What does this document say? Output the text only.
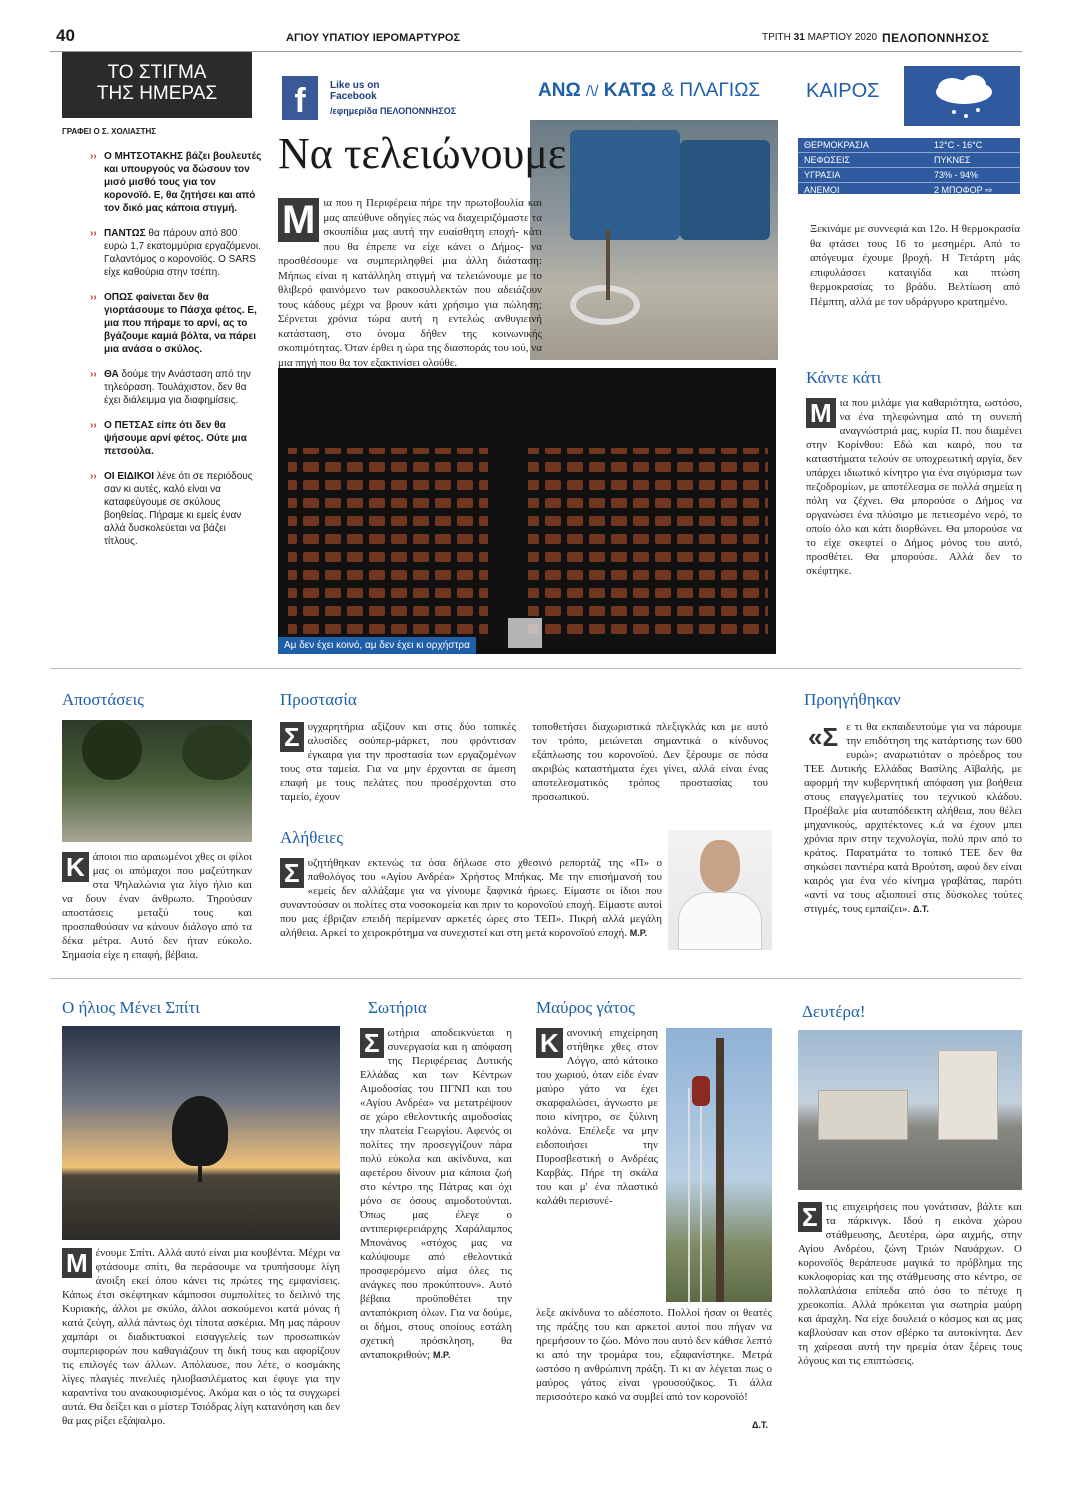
40	ΑΓΙΟΥ ΥΠΑΤΙΟΥ ΙΕΡΟΜΑΡΤΥΡΟΣ	ΤΡΙΤΗ 31 ΜΑΡΤΙΟΥ 2020 ΠΕΛΟΠΟΝΝΗΣΟΣ
ΤΟ ΣΤΙΓΜΑ
ΤΗΣ ΗΜΕΡΑΣ
ΓΡΑΦΕΙ Ο Σ. ΧΟΛΙΑΣΤΗΣ

›› Ο ΜΗΤΣΟΤΑΚΗΣ βάζει βουλευτές και υπουργούς να δώσουν τον μισό μισθό τους για τον κορονοϊό. Ε, θα ζητήσει και από τον δικό μας κάποια στιγμή.

›› ΠΑΝΤΩΣ θα πάρουν από 800 ευρώ 1,7 εκατομμύρια εργαζόμενοι. Γαλαντόμος ο κορονοϊός. Ο SARS είχε καθούρια στην τσέπη.

›› ΟΠΩΣ φαίνεται δεν θα γιορτάσουμε το Πάσχα φέτος. Ε, μια που πήραμε το αρνί, ας το βγάζουμε καμιά βόλτα, να πάρει μια ανάσα ο σκύλος.

›› ΘΑ δούμε την Ανάσταση από την τηλεόραση. Τουλάχιστον, δεν θα έχει διάλειμμα για διαφημίσεις.

›› Ο ΠΕΤΣΑΣ είπε ότι δεν θα ψήσουμε αρνί φέτος. Ούτε μια πετσούλα.

›› ΟΙ ΕΙΔΙΚΟΙ λένε ότι σε περιόδους σαν κι αυτές, καλό είναι να καταφεύγουμε σε σκύλους βοηθείας. Πήραμε κι εμείς έναν αλλά δυσκολεύεται να βάζει τίτλους.

f	Like us on
Facebook
/εφημερίδα ΠΕΛΟΠΟΝΝΗΣΟΣ
ΑΝΩ /\/ ΚΑΤΩ & ΠΛΑΓΙΩΣ
Να τελειώνουμε
Μ ια που η Περιφέρεια πήρε την πρωτοβουλία και μας απεύθυνε οδηγίες πώς να διαχειριζόμαστε τα σκουπίδια μας αυτή την ευαίσθητη εποχή- κάτι που θα έπρεπε να είχε κάνει ο Δήμος- να προσθέσουμε να συμπεριληφθεί μια άλλη διάσταση: Μήπως είναι η κατάλληλη στιγμή να τελειώνουμε με το θλιβερό φαινόμενο των ρακοσυλλεκτών που αδειάζουν τους κάδους μέχρι να βρουν κάτι χρήσιμο για πώληση; Σέρνεται χρόνια τώρα αυτή η εντελώς ανθυγιεινή κατάσταση, στο όνομα δήθεν της κοινωνικής σκοπιμότητας. Όταν έρθει η ώρα της διασποράς του ιού, να μια πηγή που θα τον εξακτινίσει ολούθε.
Αμ δεν έχει κοινό, αμ δεν έχει κι ορχήστρα
ΚΑΙΡΟΣ
ΘΕΡΜΟΚΡΑΣΙΑ	12°C - 16°C
ΝΕΦΩΣΕΙΣ	ΠΥΚΝΕΣ
ΥΓΡΑΣΙΑ	73% - 94%
ΑΝΕΜΟΙ	2 ΜΠΟΦΟΡ ⇨
Ξεκινάμε με συννεφιά και 12ο. Η θερμοκρασία θα φτάσει τους 16 το μεσημέρι. Από το απόγευμα έχουμε βροχή. Η Τετάρτη μάς επιφυλάσσει καταιγίδα και πτώση θερμοκρασίας το βράδυ. Βελτίωση από Πέμπτη, αλλά με τον υδράργυρο κρατημένο.
Κάντε κάτι
Μ ια που μιλάμε για καθαριότητα, ωστόσο, να ένα τηλεφώνημα από τη συνεπή αναγνώστριά μας, κυρία Π. που διαμένει στην Κορίνθου: Εδώ και καιρό, που τα καταστήματα τελούν σε υποχρεωτική αργία, δεν υπάρχει ιδιωτικό κίνητρο για ένα σιγύρισμα των πεζοδρομίων, με αποτέλεσμα σε πολλά σημεία η πόλη να ζέχνει. Θα μπορούσε ο Δήμος να οργανώσει ένα πλύσιμο με πετιεσμένο νερό, το οποίο όλο και κάτι διορθώνει. Θα μπορούσε να το είχε σκεφτεί ο Δήμος μόνος του αυτό, προσθέτει. Θα μπορούσε. Αλλά δεν το σκέφτηκε.
Αποστάσεις
Κ άποιοι πιο αραιωμένοι χθες οι φίλοι μας οι απόμαχοι που μαζεύτηκαν στα Ψηλαλώνια για λίγο ήλιο και να δουν έναν άνθρωπο. Τηρούσαν αποστάσεις μεταξύ τους και προσπαθούσαν να κάνουν διάλογο από τα δέκα μέτρα. Αυτό δεν ήταν εύκολο. Σημασία είχε η επαφή, βέβαια.
Προστασία
Σ υγχαρητήρια αξίζουν και στις δύο τοπικές αλυσίδες σούπερ-μάρκετ, που φρόντισαν έγκαιρα για την προστασία των εργαζομένων τους στα ταμεία. Για να μην έρχονται σε άμεση επαφή με τους πελάτες που προσέρχονται στο ταμείο, έχουν
τοποθετήσει διαχωριστικά πλεξιγκλάς και με αυτό τον τρόπο, μειώνεται σημαντικά ο κίνδυνος εξάπλωσης του κορονοϊού. Δεν ξέρουμε σε πόσα ακριβώς καταστήματα έχει γίνει, αλλά είναι ένας αποτελεσματικός τρόπος προστασίας του προσωπικού.
Αλήθειες
Σ υζητήθηκαν εκτενώς τα όσα δήλωσε στο χθεσινό ρεπορτάζ της «Π» ο παθολόγος του «Αγίου Ανδρέα» Χρήστος Μπήκας. Με την επισήμανσή του «εμείς δεν αλλάξαμε για να γίνουμε ξαφνικά ήρωες. Είμαστε οι ίδιοι που συναντούσαν οι πολίτες στα νοσοκομεία και πριν το κορονοϊού εποχή. Είμαστε αυτοί που μας έβριζαν επειδή περίμεναν αρκετές ώρες στο ΤΕΠ». Πικρή αλλά μεγάλη αλήθεια. Αρκεί το χειροκρότημα να συνεχιστεί και στη μετά κορονοϊού εποχή. Μ.Ρ.
Προηγήθηκαν
«Σ ε τι θα εκπαιδευτούμε για να πάρουμε την επιδότηση της κατάρτισης των 600 ευρώ»; αναρωτιόταν ο πρόεδρος του ΤΕΕ Δυτικής Ελλάδας Βασίλης Αϊβαλής, με αφορμή την κυβερνητική απόφαση για βοήθεια στους επαγγελματίες του τεχνικού κλάδου. Προέβαλε μία αυταπόδεικτη αλήθεια, που θέλει μηχανικούς, αρχιτέκτονες κ.ά να έχουν μπει χρόνια πριν στην τεχνολογία, πολύ πριν από το κράτος. Παρατμάτα το τοπικό ΤΕΕ δεν θα σηκώσει παντιέρα κατά Βρούτση, αφού δεν είναι καιρός για ένα νέο κίνημα γραβάτας, παρότι «αντί να τους αξιοποιεί στις δύσκολες τούτες στιγμές, τους εμπαίζει». Δ.Τ.
Ο ήλιος Μένει Σπίτι
Μ ένουμε Σπίτι. Αλλά αυτό είναι μια κουβέντα. Μέχρι να φτάσουμε σπίτι, θα περάσουμε να τρυπήσουμε λίγη άνοιξη εκεί όπου κάνει τις πρώτες της εμφανίσεις. Κάπως έτσι σκέφτηκαν κάμποσοι συμπολίτες το δειλινό της Κυριακής, άλλοι με σκύλο, άλλοι ασκούμενοι κατά μόνας ή κατά ζεύγη, αλλά πάντως όχι τίποτα ασκέρια. Μη μας πάρουν χαμπάρι οι διαδικτυακοί εισαγγελείς των προσωπικών συμπεριφορών που καθαγιάζουν τη δική τους και αφορίζουν τις επιλογές των άλλων. Απόλαυσε, που λέτε, ο κοσμάκης λίγες πλαγιές πινελιές ηλιοβασιλέματος και έφυγε για την καραντίνα του ανακουφισμένος. Ακόμα και ο ιός τα συγχωρεί αυτά. Θα δείξει και ο μίστερ Τσιόδρας λίγη κατανόηση και δεν θα μας ρίξει εξάψαλμο.
Σωτήρια
Σ ωτήρια αποδεικνύεται η συνεργασία και η απόφαση της Περιφέρειας Δυτικής Ελλάδας και των Κέντρων Αιμοδοσίας του ΠΓΝΠ και του «Αγίου Ανδρέα» να μετατρέψουν σε χώρο εθελοντικής αιμοδοσίας την πλατεία Γεωργίου. Αφενός οι πολίτες την προσεγγίζουν πάρα πολύ εύκολα και ακίνδυνα, και αφετέρου δίνουν μια κάποια ζωή στο κέντρο της Πάτρας και όχι μόνο σε όσους αιμοδοτούνται. Όπως μας έλεγε ο αντιπεριφερειάρχης Χαράλαμπος Μπονάνος «στόχος μας να καλύψουμε από εθελοντικά προσφερόμενο αίμα όλες τις ανάγκες που προκύπτουν». Αυτό βέβαια προϋποθέτει την ανταπόκριση όλων. Για να δούμε, οι δήμοι, στους οποίους εστάλη σχετική πρόσκληση, θα ανταποκριθούν; Μ.Ρ.
Μαύρος γάτος
Κ ανονική επιχείρηση στήθηκε χθες στον Λόγγο, από κάτοικο του χωριού, όταν είδε έναν μαύρο γάτο να έχει σκαρφαλώσει, άγνωστο με ποιο κίνητρο, σε ξύλινη κολόνα. Επέλεξε να μην ειδοποιήσει την Πυροσβεστική ο Ανδρέας Καρβάς. Πήρε τη σκάλα του και μ' ένα πλαστικό καλάθι περισυνέ-
λεξε ακίνδυνα το αδέσποτο. Πολλοί ήσαν οι θεατές της πράξης του και αρκετοί αυτοί που πήγαν να ηρεμήσουν το ζώο. Μόνο που αυτό δεν κάθισε λεπτό κι από την τρομάρα του, εξαφανίστηκε. Μετρά ωστόσο η ανθρώπινη πράξη. Τι κι αν λέγεται πως ο μαύρος γάτος είναι γρουσούζικος. Τι άλλα περισσότερο κακό να συμβεί από τον κορονοϊό!
Δ.Τ.
Δευτέρα!
Σ τις επιχειρήσεις που γονάτισαν, βάλτε και τα πάρκινγκ. Ιδού η εικόνα χώρου στάθμευσης, Δευτέρα, ώρα αιχμής, στην Αγίου Ανδρέου, ζώνη Τριών Ναυάρχων. Ο κορονοϊός θεράπευσε μαγικά το πρόβλημα της κυκλοφορίας και της στάθμευσης στο κέντρο, σε πολλαπλάσια επίπεδα από όσο το πέτυχε η χρεοκοπία. Αλλά πρόκειται για σωτηρία μαύρη και άραχλη. Να είχε δουλειά ο κόσμος και ας μας καβλούσαν και στον σβέρκο τα αυτοκίνητα. Δεν τη χαίρεσαι αυτή την ηρεμία όταν ξέρεις τους λόγους και τις επιπτώσεις.
